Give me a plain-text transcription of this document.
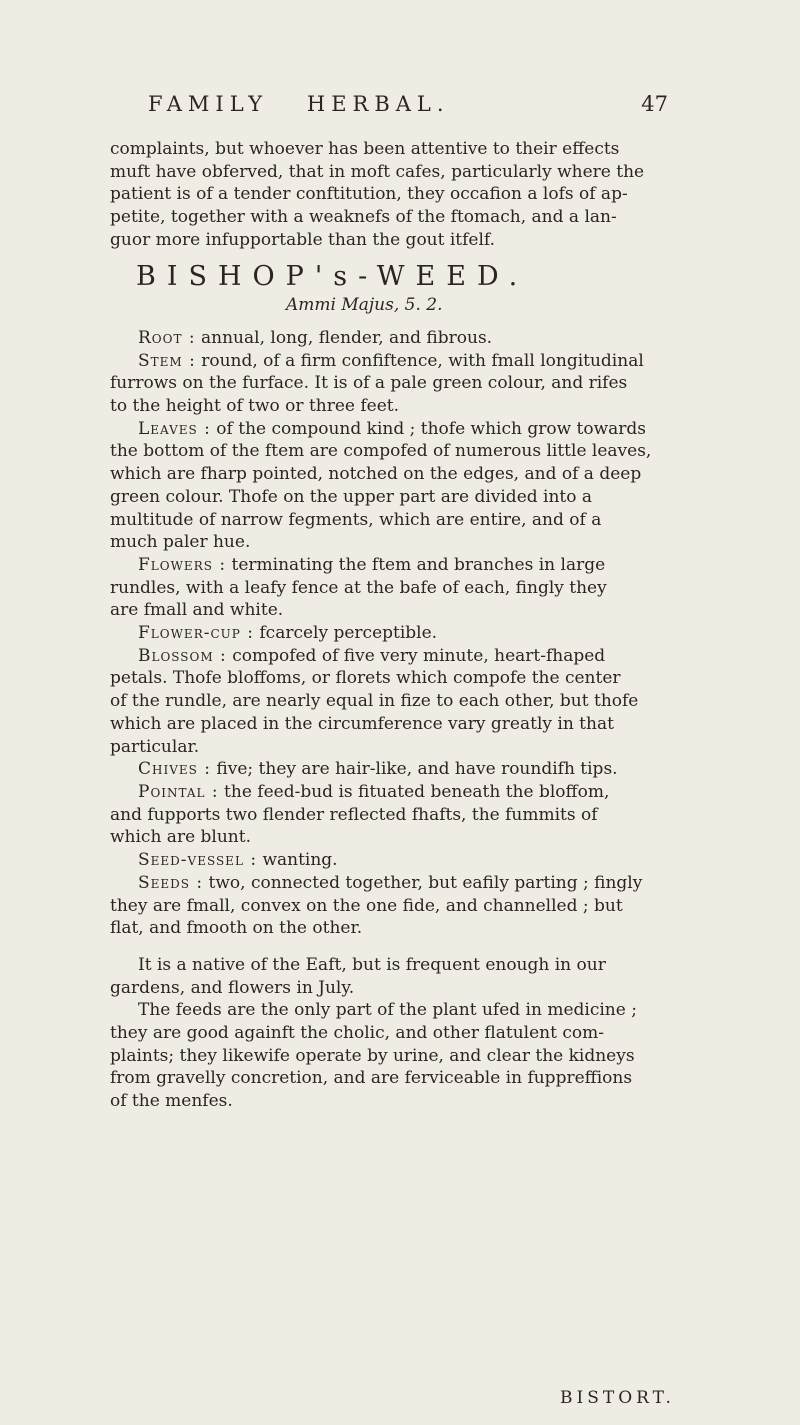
FAMILY HERBAL.	47
complaints, but whoever has been attentive to their effects
muft have obferved, that in moft cafes, particularly where the
patient is of a tender conftitution, they occafion a lofs of ap-
petite, together with a weaknefs of the ftomach, and a lan-
guor more infupportable than the gout itfelf.
BISHOP's-WEED.
Ammi Majus, 5. 2.
Root : annual, long, flender, and fibrous.
Stem : round, of a firm confiftence, with fmall longitudinal
furrows on the furface. It is of a pale green colour, and rifes
to the height of two or three feet.
Leaves : of the compound kind ; thofe which grow towards
the bottom of the ftem are compofed of numerous little leaves,
which are fharp pointed, notched on the edges, and of a deep
green colour. Thofe on the upper part are divided into a
multitude of narrow fegments, which are entire, and of a
much paler hue.
Flowers : terminating the ftem and branches in large
rundles, with a leafy fence at the bafe of each, fingly they
are fmall and white.
Flower-cup : fcarcely perceptible.
Blossom : compofed of five very minute, heart-fhaped
petals. Thofe bloffoms, or florets which compofe the center
of the rundle, are nearly equal in fize to each other, but thofe
which are placed in the circumference vary greatly in that
particular.
Chives : five; they are hair-like, and have roundifh tips.
Pointal : the feed-bud is fituated beneath the bloffom,
and fupports two flender reflected fhafts, the fummits of
which are blunt.
Seed-vessel : wanting.
Seeds : two, connected together, but eafily parting ; fingly
they are fmall, convex on the one fide, and channelled ; but
flat, and fmooth on the other.
It is a native of the Eaft, but is frequent enough in our
gardens, and flowers in July.
The feeds are the only part of the plant ufed in medicine ;
they are good againft the cholic, and other flatulent com-
plaints; they likewife operate by urine, and clear the kidneys
from gravelly concretion, and are ferviceable in fuppreffions
of the menfes.
BISTORT.
